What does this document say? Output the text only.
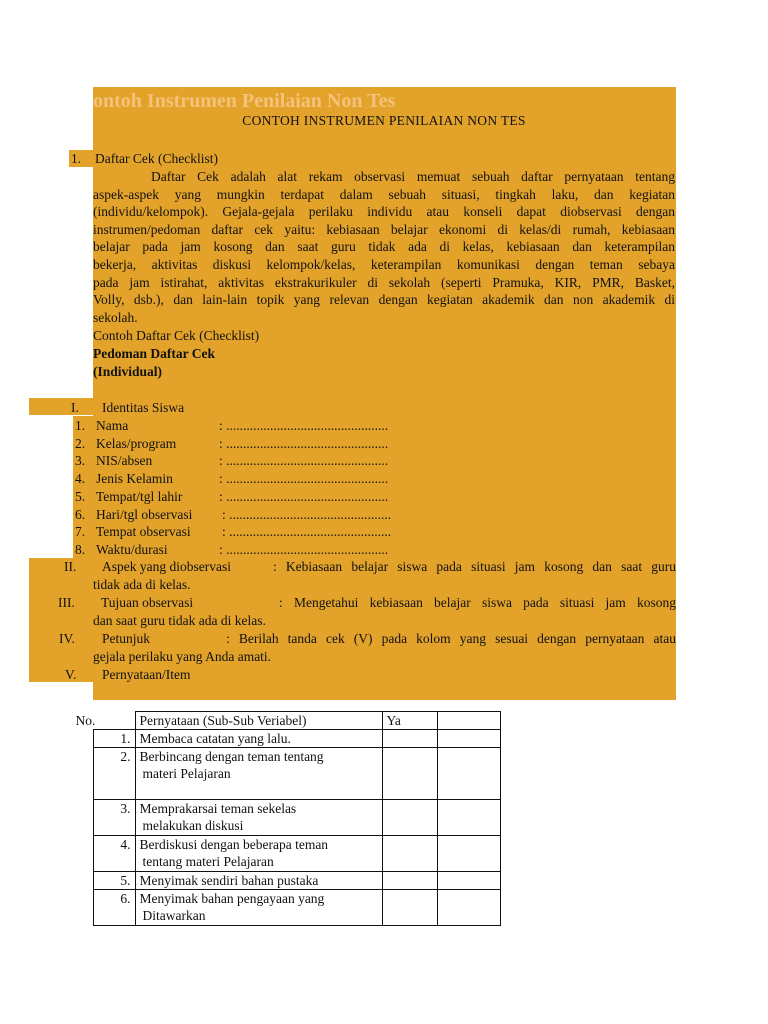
ontoh Instrumen Penilaian Non Tes
CONTOH INSTRUMEN PENILAIAN NON TES
1. Daftar Cek (Checklist)
Daftar Cek adalah alat rekam observasi memuat sebuah daftar pernyataan tentang
aspek-aspek yang mungkin terdapat dalam sebuah situasi, tingkah laku, dan kegiatan
(individu/kelompok). Gejala-gejala perilaku individu atau konseli dapat diobservasi dengan
instrumen/pedoman daftar cek yaitu: kebiasaan belajar ekonomi di kelas/di rumah, kebiasaan
belajar pada jam kosong dan saat guru tidak ada di kelas, kebiasaan dan keterampilan
bekerja, aktivitas diskusi kelompok/kelas, keterampilan komunikasi dengan teman sebaya
pada jam istirahat, aktivitas ekstrakurikuler di sekolah (seperti Pramuka, KIR, PMR, Basket,
Volly, dsb.), dan lain-lain topik yang relevan dengan kegiatan akademik dan non akademik di
sekolah.
Contoh Daftar Cek (Checklist)
Pedoman Daftar Cek
(Individual)
I. Identitas Siswa
1. Nama	: ................................................
2. Kelas/program	: ................................................
3. NIS/absen	: ................................................
4. Jenis Kelamin	: ................................................
5. Tempat/tgl lahir	: ................................................
6. Hari/tgl observasi : ................................................
7. Tempat observasi : ................................................
8. Waktu/durasi	: ................................................
II. Aspek yang diobservasi	: Kebiasaan belajar siswa pada situasi jam kosong dan saat guru
tidak ada di kelas.
III. Tujuan observasi	: Mengetahui kebiasaan belajar siswa pada situasi jam kosong
dan saat guru tidak ada di kelas.
IV. Petunjuk	: Berilah tanda cek (V) pada kolom yang sesuai dengan pernyataan atau
gejala perilaku yang Anda amati.
V. Pernyataan/Item
No.	Pernyataan (Sub-Sub Veriabel)	Ya	
1.	Membaca catatan yang lalu.

2.	Berbincang dengan teman tentang
materi Pelajaran

3.	Memprakarsai teman sekelas
melakukan diskusi

4.	Berdiskusi dengan beberapa teman
tentang materi Pelajaran

5.	Menyimak sendiri bahan pustaka

6.	Menyimak bahan pengayaan yang
Ditawarkan
